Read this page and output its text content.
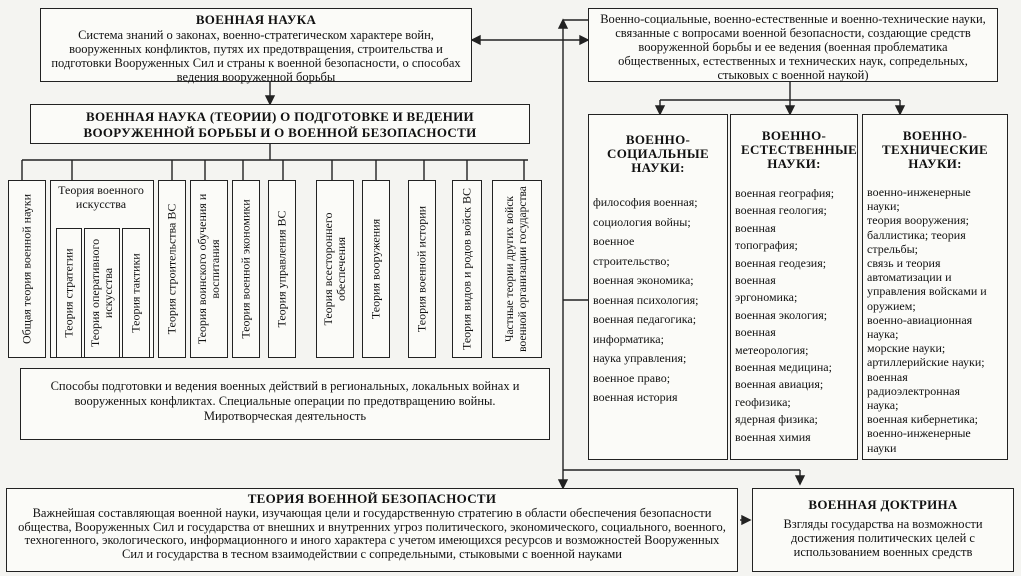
ВОЕННАЯ НАУКА
Система знаний о законах, военно-стратегическом характере войн, вооруженных конфликтов, путях их предотвращения, строительства и подготовки Вооруженных Сил и страны к военной безопасности, о способах ведения вооруженной борьбы
Военно-социальные, военно-естественные и военно-технические науки, связанные с вопросами военной безопасности, создающие средств вооруженной борьбы и ее ведения (военная проблематика общественных, естественных и технических наук, сопредельных, стыковых с военной наукой)
ВОЕННАЯ НАУКА (ТЕОРИИ) О ПОДГОТОВКЕ И ВЕДЕНИИ ВООРУЖЕННОЙ БОРЬБЫ И О ВОЕННОЙ БЕЗОПАСНОСТИ
Общая теория военной науки
Теория военного искусства
Теория стратегии Теория оперативного искусства Теория тактики Теория строительства ВС Теория воинского обучения и воспитания Теория военной экономики Теория управления ВС	Теория всестороннего обеспечения Теория вооружения	Теория военной истории	Теория видов и родов войск ВС	Частные теории других войск военной организации государства
Способы подготовки и ведения военных действий в региональных, локальных войнах и вооруженных конфликтах. Специальные операции по предотвращению войны. Миротворческая деятельность
ВОЕННО-СОЦИАЛЬНЫЕ НАУКИ:
философия военная;
социология войны;
военное
строительство;
военная экономика;
военная психология;
военная педагогика;
информатика;
наука управления;
военное право;
военная история
ВОЕННО-ЕСТЕСТВЕННЫЕ НАУКИ:
военная география;
военная геология;
военная
топография;
военная геодезия;
военная
эргономика;
военная экология;
военная
метеорология;
военная медицина;
военная авиация;
геофизика;
ядерная физика;
военная химия
ВОЕННО-ТЕХНИЧЕСКИЕ НАУКИ:
военно-инженерные
науки;
теория вооружения;
баллистика; теория
стрельбы;
связь и теория
автоматизации и
управления войсками и
оружием;
военно-авиационная
наука;
морские науки;
артиллерийские науки;
военная
радиоэлектронная
наука;
военная кибернетика;
военно-инженерные
науки
ТЕОРИЯ ВОЕННОЙ БЕЗОПАСНОСТИ
Важнейшая составляющая военной науки, изучающая цели и государственную стратегию в области обеспечения безопасности общества, Вооруженных Сил и государства от внешних и внутренних угроз политического, экономического, социального, военного, техногенного, экологического, информационного и иного характера с учетом имеющихся ресурсов и возможностей Вооруженных Сил и государства в тесном взаимодействии с сопредельными, стыковыми с военной науками
ВОЕННАЯ ДОКТРИНА
Взгляды государства на возможности достижения политических целей с использованием военных средств
